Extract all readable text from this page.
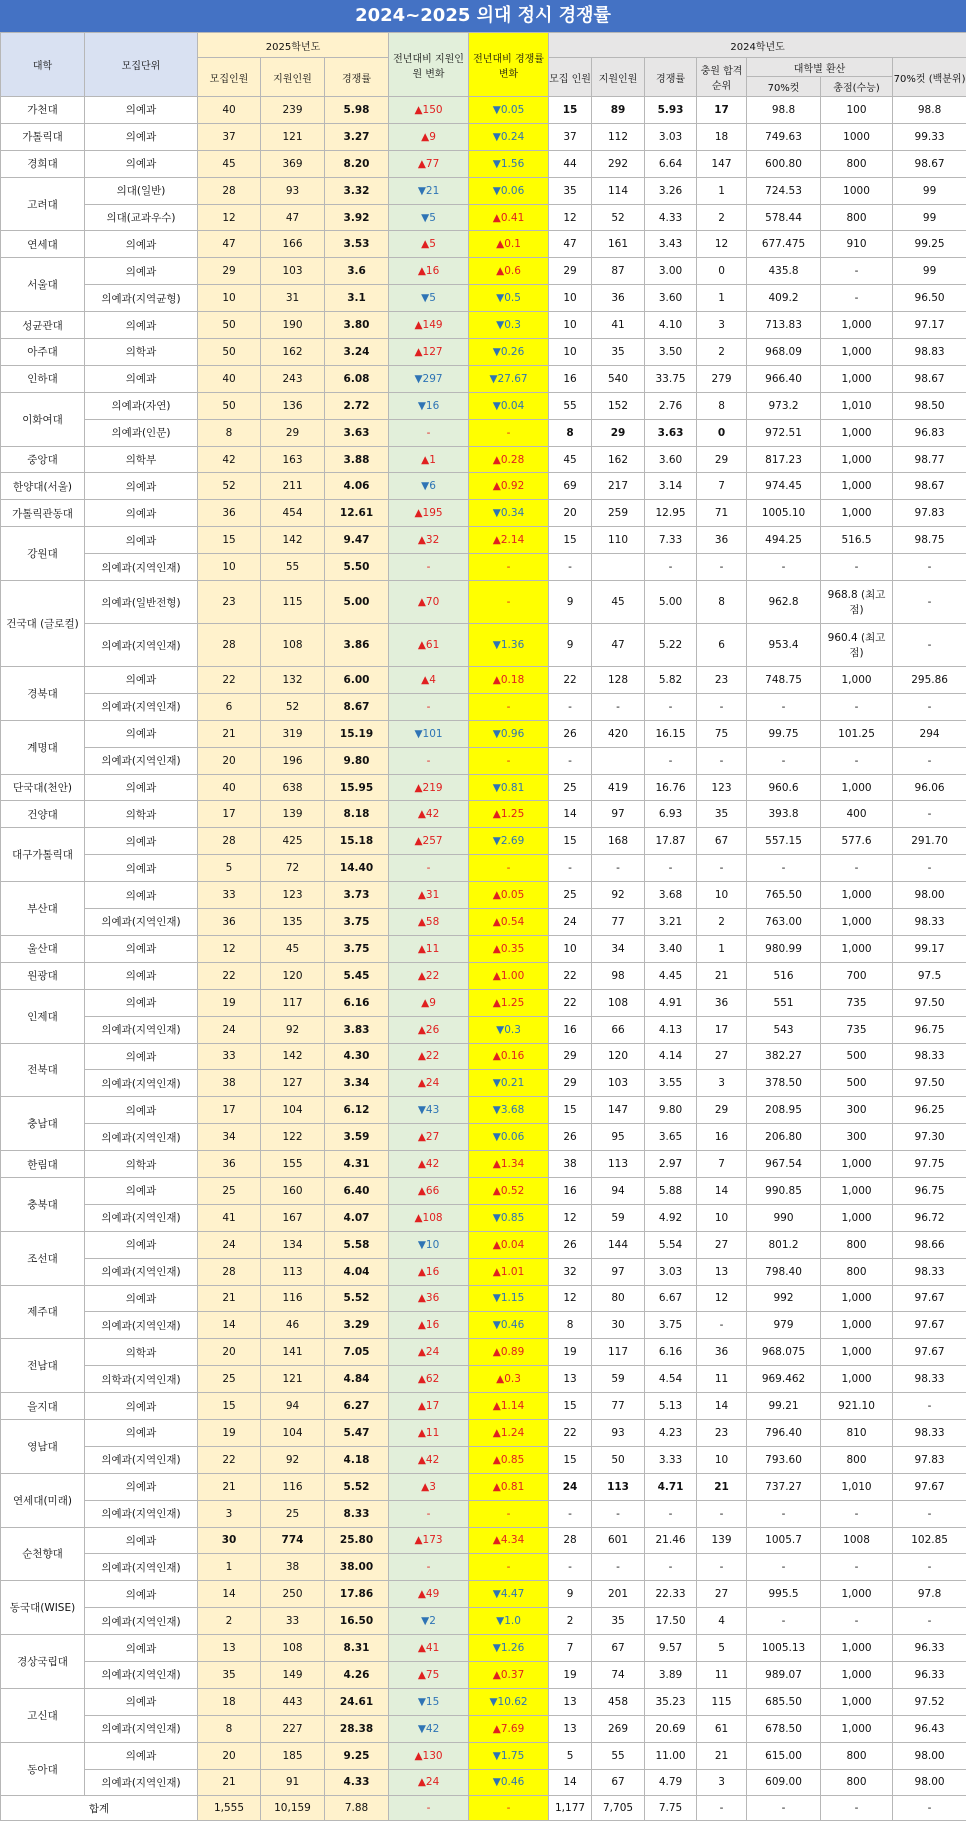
2024~2025 의대 정시 경쟁률
대학	모집단위	2025학년도			전년대비 지원인원 변화	전년대비 경쟁률 변화	2024학년도						
		모집인원	지원인원	경쟁률			모집 인원	지원인원	경쟁률	충원 합격순위	대학별 환산		70%컷 (백분위)
											70%컷	총점(수능)	
가천대	의예과	40	239	5.98	▲150	▼0.05	15	89	5.93	17	98.8	100	98.8
가톨릭대	의예과	37	121	3.27	▲9	▼0.24	37	112	3.03	18	749.63	1000	99.33
경희대	의예과	45	369	8.20	▲77	▼1.56	44	292	6.64	147	600.80	800	98.67
고려대	의대(일반)	28	93	3.32	▼21	▼0.06	35	114	3.26	1	724.53	1000	99
	의대(교과우수)	12	47	3.92	▼5	▲0.41	12	52	4.33	2	578.44	800	99
연세대	의예과	47	166	3.53	▲5	▲0.1	47	161	3.43	12	677.475	910	99.25
서울대	의예과	29	103	3.6	▲16	▲0.6	29	87	3.00	0	435.8	-	99
	의예과(지역균형)	10	31	3.1	▼5	▼0.5	10	36	3.60	1	409.2	-	96.50
성균관대	의예과	50	190	3.80	▲149	▼0.3	10	41	4.10	3	713.83	1,000	97.17
아주대	의학과	50	162	3.24	▲127	▼0.26	10	35	3.50	2	968.09	1,000	98.83
인하대	의예과	40	243	6.08	▼297	▼27.67	16	540	33.75	279	966.40	1,000	98.67
이화여대	의예과(자연)	50	136	2.72	▼16	▼0.04	55	152	2.76	8	973.2	1,010	98.50
	의예과(인문)	8	29	3.63	-	-	8	29	3.63	0	972.51	1,000	96.83
중앙대	의학부	42	163	3.88	▲1	▲0.28	45	162	3.60	29	817.23	1,000	98.77
한양대(서울)	의예과	52	211	4.06	▼6	▲0.92	69	217	3.14	7	974.45	1,000	98.67
가톨릭관동대	의예과	36	454	12.61	▲195	▼0.34	20	259	12.95	71	1005.10	1,000	97.83
강원대	의예과	15	142	9.47	▲32	▲2.14	15	110	7.33	36	494.25	516.5	98.75
	의예과(지역인재)	10	55	5.50	-	-	-		-	-	-	-	-
건국대 (글로컬)	의예과(일반전형)	23	115	5.00	▲70	-	9	45	5.00	8	962.8	968.8 (최고점)	-
	의예과(지역인재)	28	108	3.86	▲61	▼1.36	9	47	5.22	6	953.4	960.4 (최고점)	-
경북대	의예과	22	132	6.00	▲4	▲0.18	22	128	5.82	23	748.75	1,000	295.86
	의예과(지역인재)	6	52	8.67	-	-	-	-	-	-	-	-	-
계명대	의예과	21	319	15.19	▼101	▼0.96	26	420	16.15	75	99.75	101.25	294
	의예과(지역인재)	20	196	9.80	-	-	-		-	-	-	-	-
단국대(천안)	의예과	40	638	15.95	▲219	▼0.81	25	419	16.76	123	960.6	1,000	96.06
건양대	의학과	17	139	8.18	▲42	▲1.25	14	97	6.93	35	393.8	400	-
대구가톨릭대	의예과	28	425	15.18	▲257	▼2.69	15	168	17.87	67	557.15	577.6	291.70
	의예과	5	72	14.40	-	-	-	-	-	-	-	-	-
부산대	의예과	33	123	3.73	▲31	▲0.05	25	92	3.68	10	765.50	1,000	98.00
	의예과(지역인재)	36	135	3.75	▲58	▲0.54	24	77	3.21	2	763.00	1,000	98.33
울산대	의예과	12	45	3.75	▲11	▲0.35	10	34	3.40	1	980.99	1,000	99.17
원광대	의예과	22	120	5.45	▲22	▲1.00	22	98	4.45	21	516	700	97.5
인제대	의예과	19	117	6.16	▲9	▲1.25	22	108	4.91	36	551	735	97.50
	의예과(지역인재)	24	92	3.83	▲26	▼0.3	16	66	4.13	17	543	735	96.75
전북대	의예과	33	142	4.30	▲22	▲0.16	29	120	4.14	27	382.27	500	98.33
	의예과(지역인재)	38	127	3.34	▲24	▼0.21	29	103	3.55	3	378.50	500	97.50
충남대	의예과	17	104	6.12	▼43	▼3.68	15	147	9.80	29	208.95	300	96.25
	의예과(지역인재)	34	122	3.59	▲27	▼0.06	26	95	3.65	16	206.80	300	97.30
한림대	의학과	36	155	4.31	▲42	▲1.34	38	113	2.97	7	967.54	1,000	97.75
충북대	의예과	25	160	6.40	▲66	▲0.52	16	94	5.88	14	990.85	1,000	96.75
	의예과(지역인재)	41	167	4.07	▲108	▼0.85	12	59	4.92	10	990	1,000	96.72
조선대	의예과	24	134	5.58	▼10	▲0.04	26	144	5.54	27	801.2	800	98.66
	의예과(지역인재)	28	113	4.04	▲16	▲1.01	32	97	3.03	13	798.40	800	98.33
제주대	의예과	21	116	5.52	▲36	▼1.15	12	80	6.67	12	992	1,000	97.67
	의예과(지역인재)	14	46	3.29	▲16	▼0.46	8	30	3.75	-	979	1,000	97.67
전남대	의학과	20	141	7.05	▲24	▲0.89	19	117	6.16	36	968.075	1,000	97.67
	의학과(지역인재)	25	121	4.84	▲62	▲0.3	13	59	4.54	11	969.462	1,000	98.33
을지대	의예과	15	94	6.27	▲17	▲1.14	15	77	5.13	14	99.21	921.10	-
영남대	의예과	19	104	5.47	▲11	▲1.24	22	93	4.23	23	796.40	810	98.33
	의예과(지역인재)	22	92	4.18	▲42	▲0.85	15	50	3.33	10	793.60	800	97.83
연세대(미래)	의예과	21	116	5.52	▲3	▲0.81	24	113	4.71	21	737.27	1,010	97.67
	의예과(지역인재)	3	25	8.33	-	-	-	-	-	-	-	-	-
순천향대	의예과	30	774	25.80	▲173	▲4.34	28	601	21.46	139	1005.7	1008	102.85
	의예과(지역인재)	1	38	38.00	-	-	-	-	-	-	-	-	-
동국대(WISE)	의예과	14	250	17.86	▲49	▼4.47	9	201	22.33	27	995.5	1,000	97.8
	의예과(지역인재)	2	33	16.50	▼2	▼1.0	2	35	17.50	4	-	-	-
경상국립대	의예과	13	108	8.31	▲41	▼1.26	7	67	9.57	5	1005.13	1,000	96.33
	의예과(지역인재)	35	149	4.26	▲75	▲0.37	19	74	3.89	11	989.07	1,000	96.33
고신대	의예과	18	443	24.61	▼15	▼10.62	13	458	35.23	115	685.50	1,000	97.52
	의예과(지역인재)	8	227	28.38	▼42	▲7.69	13	269	20.69	61	678.50	1,000	96.43
동아대	의예과	20	185	9.25	▲130	▼1.75	5	55	11.00	21	615.00	800	98.00
	의예과(지역인재)	21	91	4.33	▲24	▼0.46	14	67	4.79	3	609.00	800	98.00
합계		1,555	10,159	7.88	-	-	1,177	7,705	7.75	-	-	-	-
